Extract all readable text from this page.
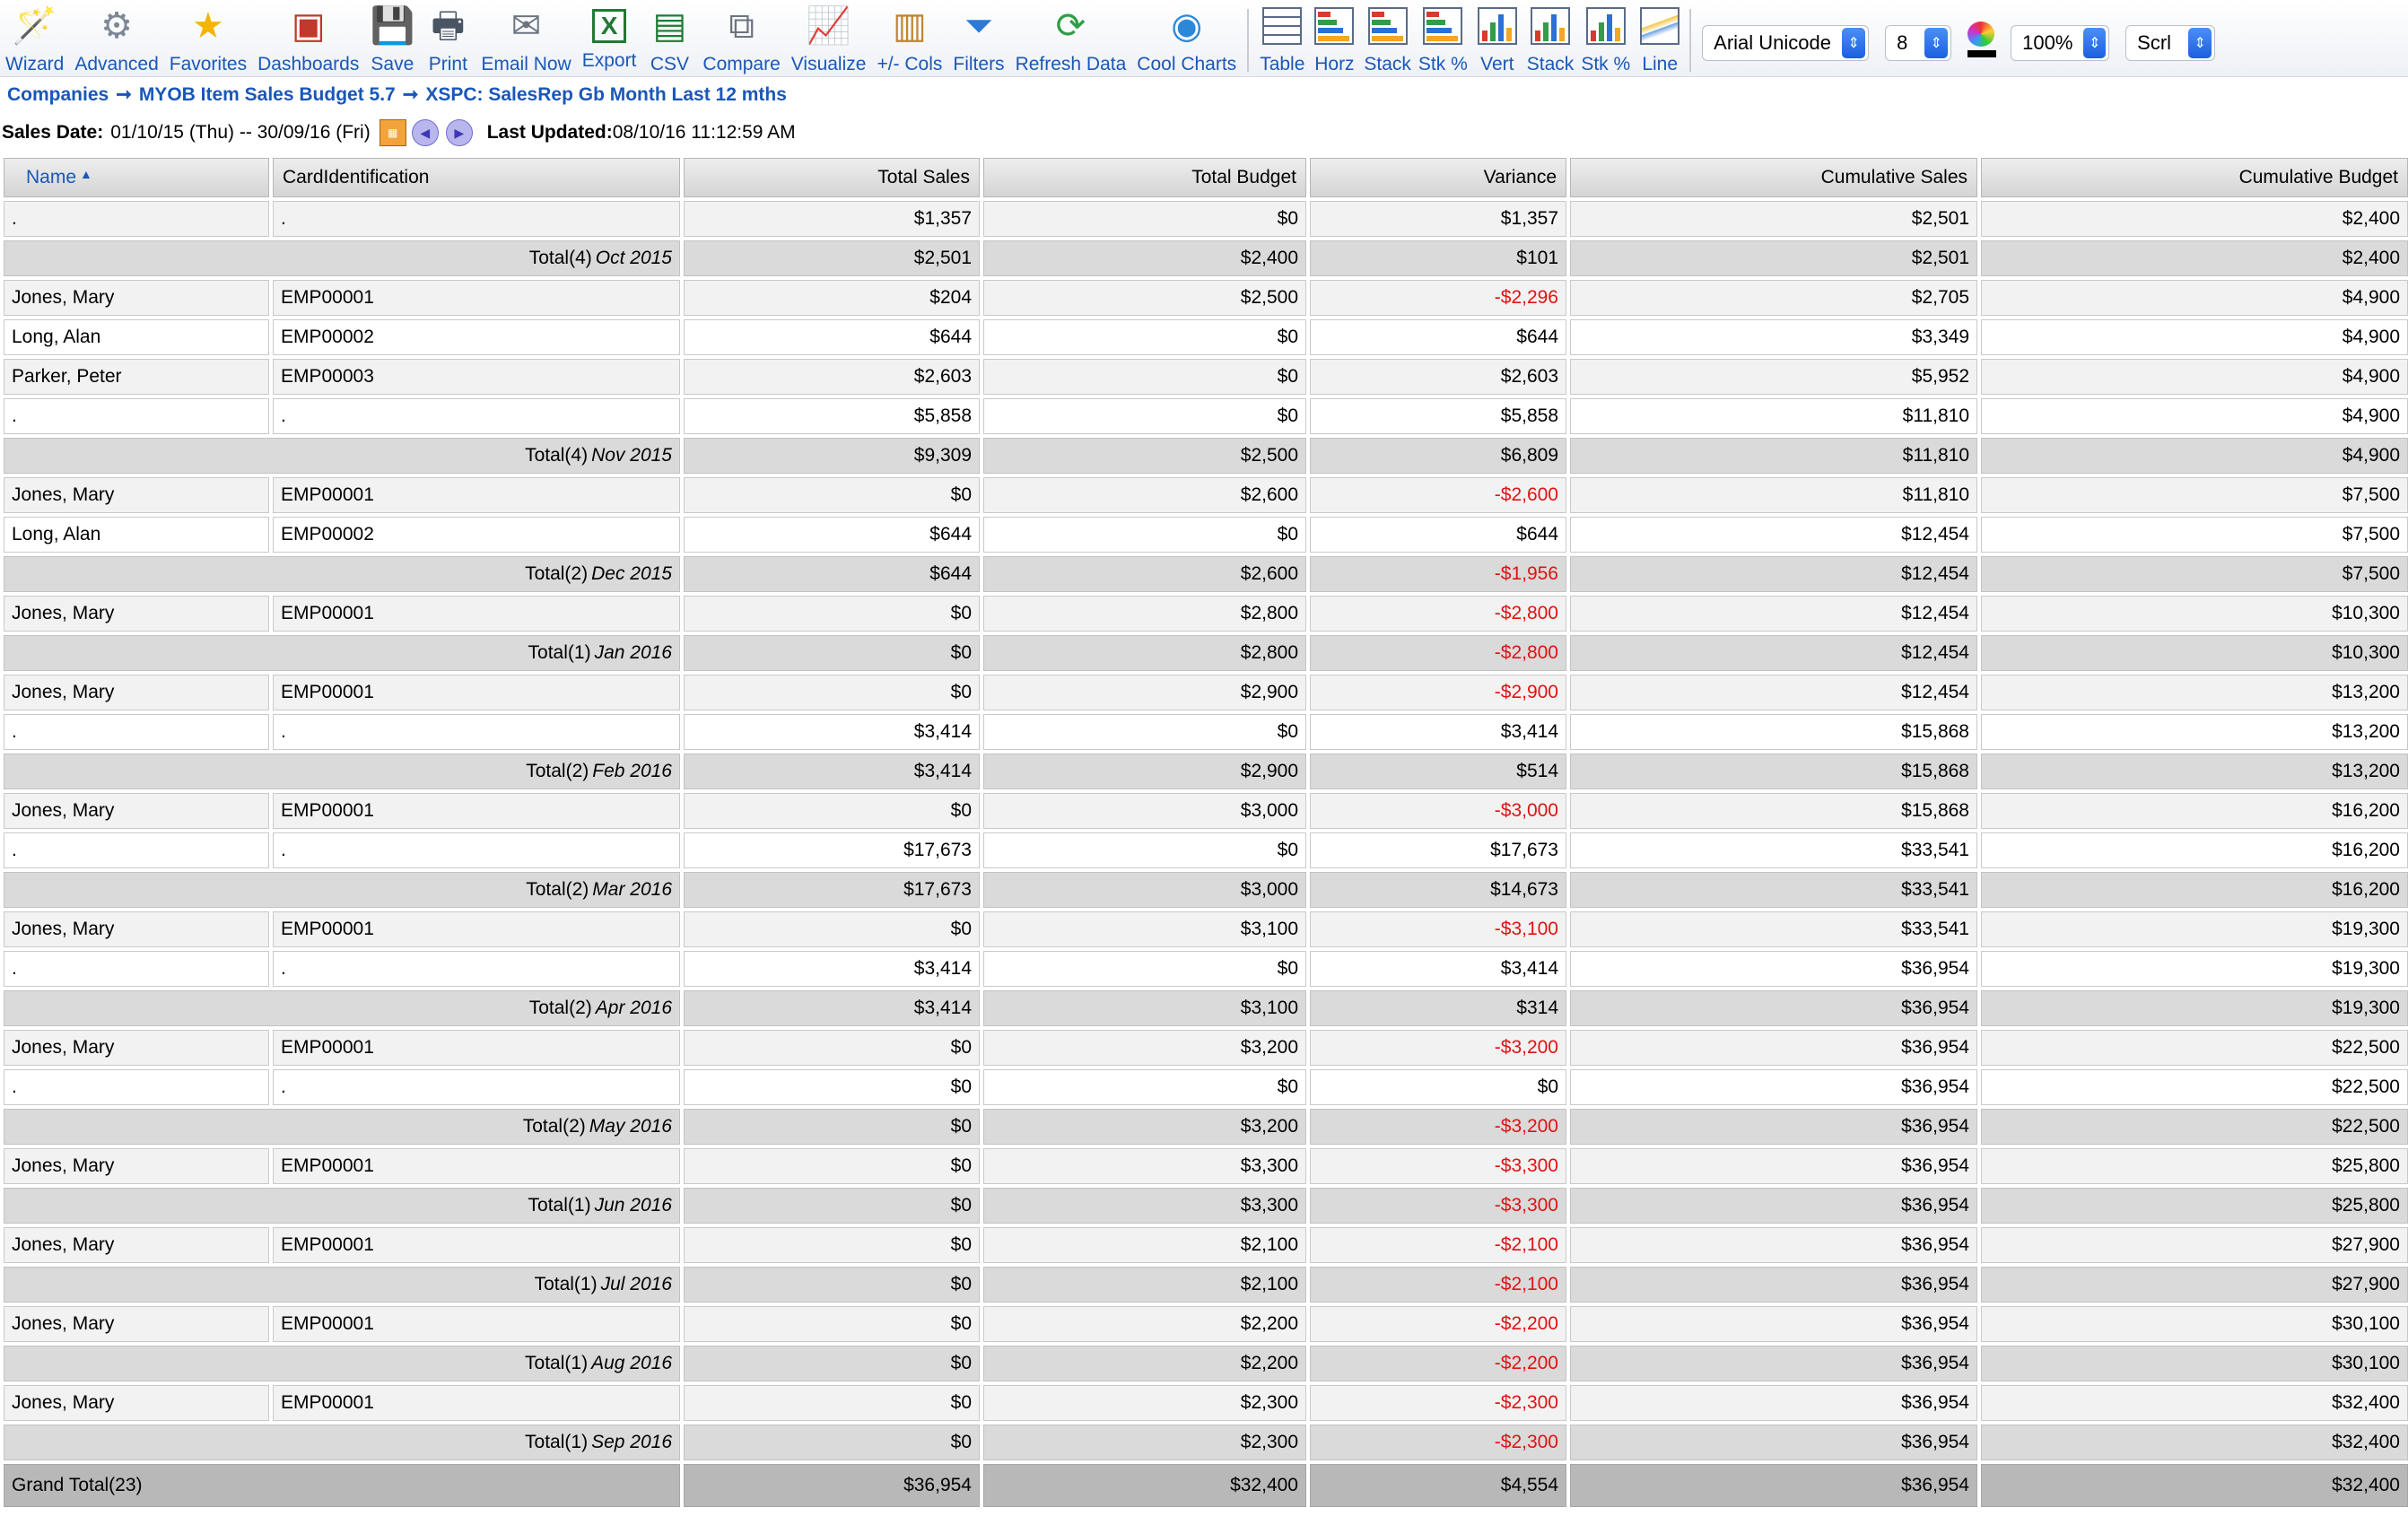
🪄
Wizard
⚙
Advanced
★
Favorites
▣
Dashboards
💾
Save
🖶
Print
✉
Email Now
X
Export
▤
CSV
⧉
Compare
📈
Visualize
▥
+/- Cols
⏷
Filters
⟳
Refresh Data
◉
Cool Charts Table Horz Stack Stk % Vert Stack Stk % Line
Arial Unicode	⇕	8	⇕	100%	⇕	Scrl	⇕
Companies ➞ MYOB Item Sales Budget 5.7 ➞ XSPC: SalesRep Gb Month Last 12 mths
Sales Date: 01/10/15 (Thu) -- 30/09/16 (Fri)	▦	◀	▶	Last Updated: 08/10/16 11:12:59 AM
Name ▲	CardIdentification	Total Sales	Total Budget	Variance	Cumulative Sales	Cumulative Budget
.	.	$1,357	$0	$1,357	$2,501	$2,400
Total(4) Oct 2015		$2,501	$2,400	$101	$2,501	$2,400
Jones, Mary	EMP00001	$204	$2,500	-$2,296	$2,705	$4,900
Long, Alan	EMP00002	$644	$0	$644	$3,349	$4,900
Parker, Peter	EMP00003	$2,603	$0	$2,603	$5,952	$4,900
.	.	$5,858	$0	$5,858	$11,810	$4,900
Total(4) Nov 2015		$9,309	$2,500	$6,809	$11,810	$4,900
Jones, Mary	EMP00001	$0	$2,600	-$2,600	$11,810	$7,500
Long, Alan	EMP00002	$644	$0	$644	$12,454	$7,500
Total(2) Dec 2015		$644	$2,600	-$1,956	$12,454	$7,500
Jones, Mary	EMP00001	$0	$2,800	-$2,800	$12,454	$10,300
Total(1) Jan 2016		$0	$2,800	-$2,800	$12,454	$10,300
Jones, Mary	EMP00001	$0	$2,900	-$2,900	$12,454	$13,200
.	.	$3,414	$0	$3,414	$15,868	$13,200
Total(2) Feb 2016		$3,414	$2,900	$514	$15,868	$13,200
Jones, Mary	EMP00001	$0	$3,000	-$3,000	$15,868	$16,200
.	.	$17,673	$0	$17,673	$33,541	$16,200
Total(2) Mar 2016		$17,673	$3,000	$14,673	$33,541	$16,200
Jones, Mary	EMP00001	$0	$3,100	-$3,100	$33,541	$19,300
.	.	$3,414	$0	$3,414	$36,954	$19,300
Total(2) Apr 2016		$3,414	$3,100	$314	$36,954	$19,300
Jones, Mary	EMP00001	$0	$3,200	-$3,200	$36,954	$22,500
.	.	$0	$0	$0	$36,954	$22,500
Total(2) May 2016		$0	$3,200	-$3,200	$36,954	$22,500
Jones, Mary	EMP00001	$0	$3,300	-$3,300	$36,954	$25,800
Total(1) Jun 2016		$0	$3,300	-$3,300	$36,954	$25,800
Jones, Mary	EMP00001	$0	$2,100	-$2,100	$36,954	$27,900
Total(1) Jul 2016		$0	$2,100	-$2,100	$36,954	$27,900
Jones, Mary	EMP00001	$0	$2,200	-$2,200	$36,954	$30,100
Total(1) Aug 2016		$0	$2,200	-$2,200	$36,954	$30,100
Jones, Mary	EMP00001	$0	$2,300	-$2,300	$36,954	$32,400
Total(1) Sep 2016		$0	$2,300	-$2,300	$36,954	$32,400
Grand Total(23)		$36,954	$32,400	$4,554	$36,954	$32,400
